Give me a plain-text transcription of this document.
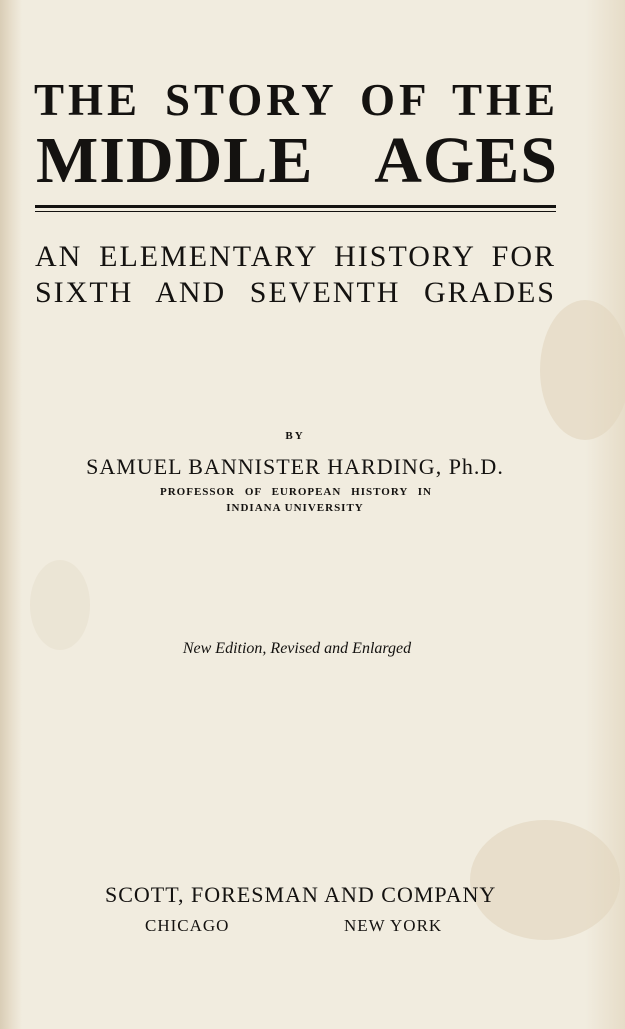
THE STORY OF THE
MIDDLE AGES
AN ELEMENTARY HISTORY FOR
SIXTH AND SEVENTH GRADES
BY
SAMUEL BANNISTER HARDING, Ph.D.
PROFESSOR OF EUROPEAN HISTORY IN
INDIANA UNIVERSITY
New Edition, Revised and Enlarged
SCOTT, FORESMAN AND COMPANY
CHICAGO	NEW YORK
